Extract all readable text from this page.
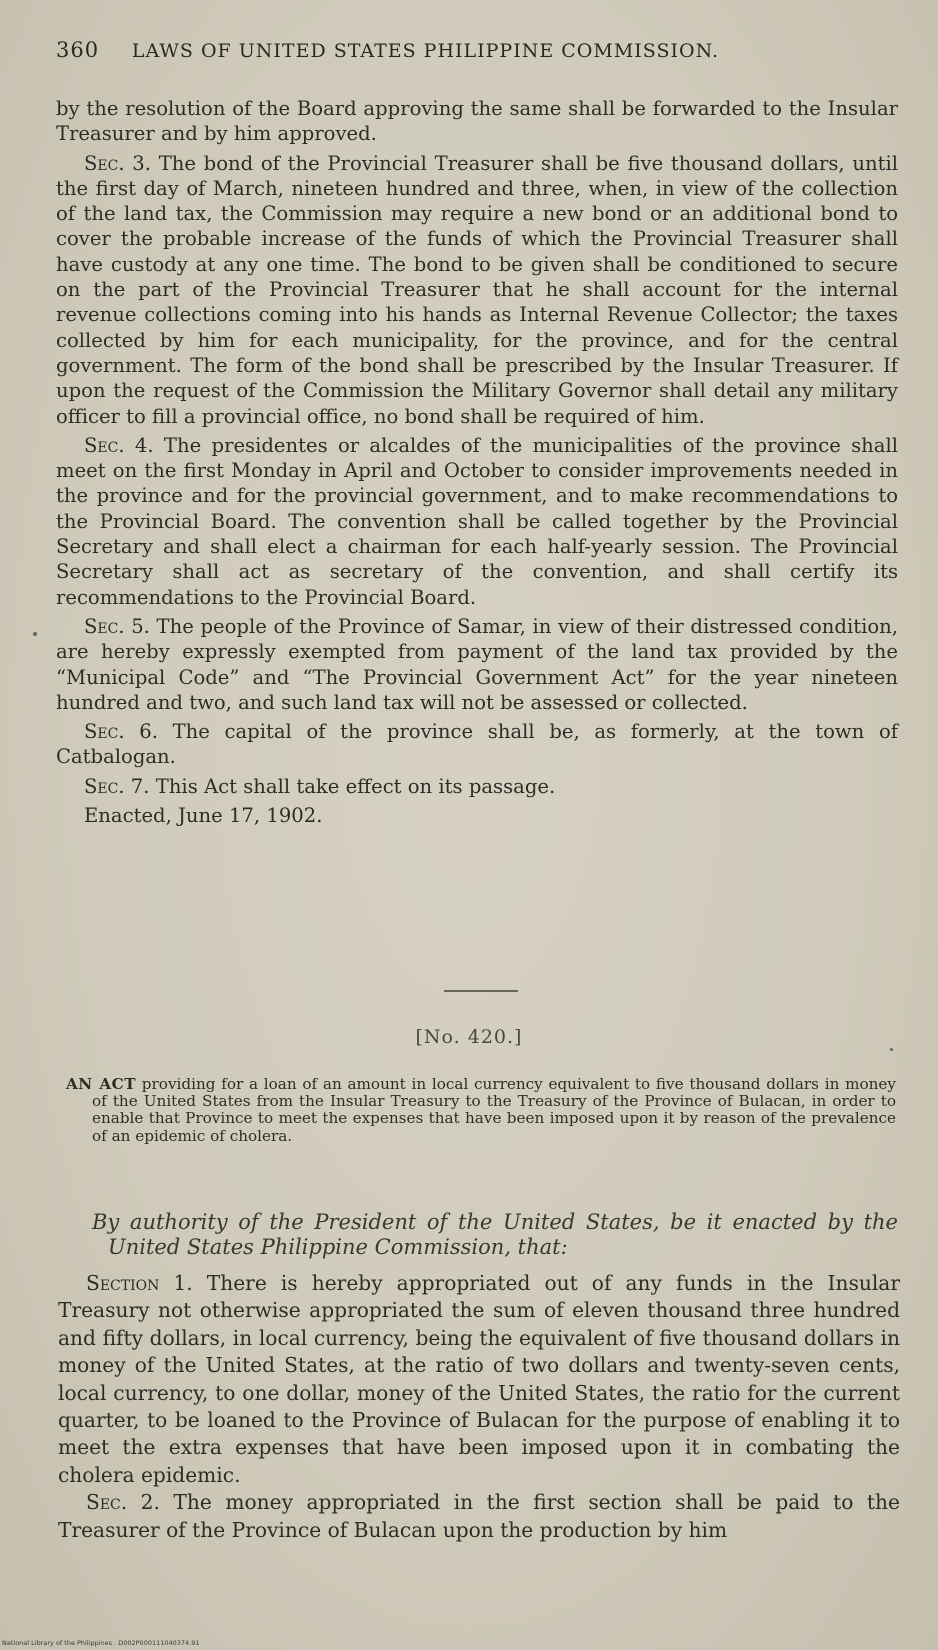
360 LAWS OF UNITED STATES PHILIPPINE COMMISSION.

by the resolution of the Board approving the same shall be forwarded to the Insular Treasurer and by him approved.

Sec. 3. The bond of the Provincial Treasurer shall be five thousand dollars, until the first day of March, nineteen hundred and three, when, in view of the collection of the land tax, the Commission may require a new bond or an additional bond to cover the probable increase of the funds of which the Provincial Treasurer shall have custody at any one time. The bond to be given shall be conditioned to secure on the part of the Provincial Treasurer that he shall account for the internal revenue collections coming into his hands as Internal Revenue Collector; the taxes collected by him for each municipality, for the province, and for the central government. The form of the bond shall be prescribed by the Insular Treasurer. If upon the request of the Commission the Military Governor shall detail any military officer to fill a provincial office, no bond shall be required of him.

Sec. 4. The presidentes or alcaldes of the municipalities of the province shall meet on the first Monday in April and October to consider improvements needed in the province and for the provincial government, and to make recommendations to the Provincial Board. The convention shall be called together by the Provincial Secretary and shall elect a chairman for each half-yearly session. The Provincial Secretary shall act as secretary of the convention, and shall certify its recommendations to the Provincial Board.

Sec. 5. The people of the Province of Samar, in view of their distressed condition, are hereby expressly exempted from payment of the land tax provided by the “Municipal Code” and “The Provincial Government Act” for the year nineteen hundred and two, and such land tax will not be assessed or collected.

Sec. 6. The capital of the province shall be, as formerly, at the town of Catbalogan.

Sec. 7. This Act shall take effect on its passage.

Enacted, June 17, 1902.

[No. 420.]
AN ACT providing for a loan of an amount in local currency equivalent to five thousand dollars in money of the United States from the Insular Treasury to the Treasury of the Province of Bulacan, in order to enable that Province to meet the expenses that have been imposed upon it by reason of the prevalence of an epidemic of cholera.
By authority of the President of the United States, be it enacted by the United States Philippine Commission, that:

Section 1. There is hereby appropriated out of any funds in the Insular Treasury not otherwise appropriated the sum of eleven thousand three hundred and fifty dollars, in local currency, being the equivalent of five thousand dollars in money of the United States, at the ratio of two dollars and twenty-seven cents, local currency, to one dollar, money of the United States, the ratio for the current quarter, to be loaned to the Province of Bulacan for the purpose of enabling it to meet the extra expenses that have been imposed upon it in combating the cholera epidemic.

Sec. 2. The money appropriated in the first section shall be paid to the Treasurer of the Province of Bulacan upon the production by him

National Library of the Philippines . D002P000111040374.91
